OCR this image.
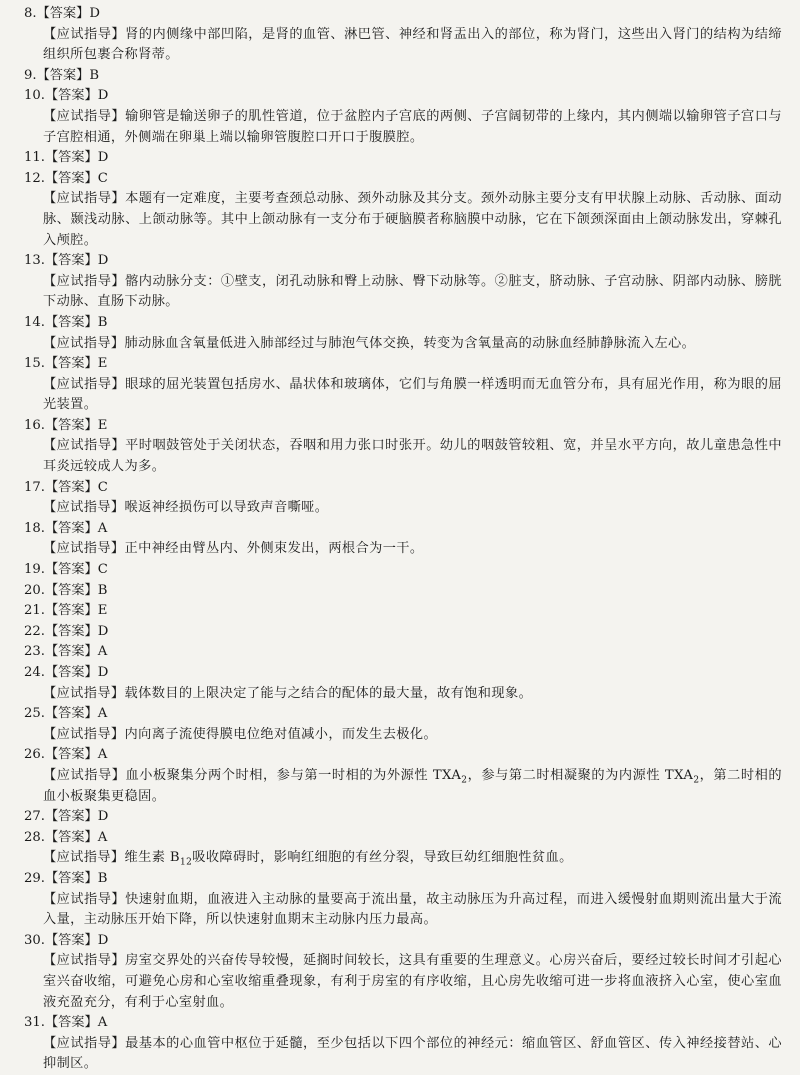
8.【答案】D
【应试指导】肾的内侧缘中部凹陷，是肾的血管、淋巴管、神经和肾盂出入的部位，称为肾门，这些出入肾门的结构为结缔组织所包裹合称肾蒂。
9.【答案】B
10.【答案】D
【应试指导】输卵管是输送卵子的肌性管道，位于盆腔内子宫底的两侧、子宫阔韧带的上缘内，其内侧端以输卵管子宫口与子宫腔相通，外侧端在卵巢上端以输卵管腹腔口开口于腹膜腔。
11.【答案】D
12.【答案】C
【应试指导】本题有一定难度，主要考查颈总动脉、颈外动脉及其分支。颈外动脉主要分支有甲状腺上动脉、舌动脉、面动脉、颞浅动脉、上颌动脉等。其中上颌动脉有一支分布于硬脑膜者称脑膜中动脉，它在下颌颈深面由上颌动脉发出，穿棘孔入颅腔。
13.【答案】D
【应试指导】髂内动脉分支：①壁支，闭孔动脉和臀上动脉、臀下动脉等。②脏支，脐动脉、子宫动脉、阴部内动脉、膀胱下动脉、直肠下动脉。
14.【答案】B
【应试指导】肺动脉血含氧量低进入肺部经过与肺泡气体交换，转变为含氧量高的动脉血经肺静脉流入左心。
15.【答案】E
【应试指导】眼球的屈光装置包括房水、晶状体和玻璃体，它们与角膜一样透明而无血管分布，具有屈光作用，称为眼的屈光装置。
16.【答案】E
【应试指导】平时咽鼓管处于关闭状态，吞咽和用力张口时张开。幼儿的咽鼓管较粗、宽，并呈水平方向，故儿童患急性中耳炎远较成人为多。
17.【答案】C
【应试指导】喉返神经损伤可以导致声音嘶哑。
18.【答案】A
【应试指导】正中神经由臂丛内、外侧束发出，两根合为一干。
19.【答案】C
20.【答案】B
21.【答案】E
22.【答案】D
23.【答案】A
24.【答案】D
【应试指导】载体数目的上限决定了能与之结合的配体的最大量，故有饱和现象。
25.【答案】A
【应试指导】内向离子流使得膜电位绝对值减小，而发生去极化。
26.【答案】A
【应试指导】血小板聚集分两个时相，参与第一时相的为外源性 $TXA_2$，参与第二时相凝聚的为内源性 $TXA_2$，第二时相的血小板聚集更稳固。
27.【答案】D
28.【答案】A
【应试指导】维生素 $B_{12}$吸收障碍时，影响红细胞的有丝分裂，导致巨幼红细胞性贫血。
29.【答案】B
【应试指导】快速射血期，血液进入主动脉的量要高于流出量，故主动脉压为升高过程，而进入缓慢射血期则流出量大于流入量，主动脉压开始下降，所以快速射血期末主动脉内压力最高。
30.【答案】D
【应试指导】房室交界处的兴奋传导较慢，延搁时间较长，这具有重要的生理意义。心房兴奋后，要经过较长时间才引起心室兴奋收缩，可避免心房和心室收缩重叠现象，有利于房室的有序收缩，且心房先收缩可进一步将血液挤入心室，使心室血液充盈充分，有利于心室射血。
31.【答案】A
【应试指导】最基本的心血管中枢位于延髓，至少包括以下四个部位的神经元：缩血管区、舒血管区、传入神经接替站、心抑制区。
